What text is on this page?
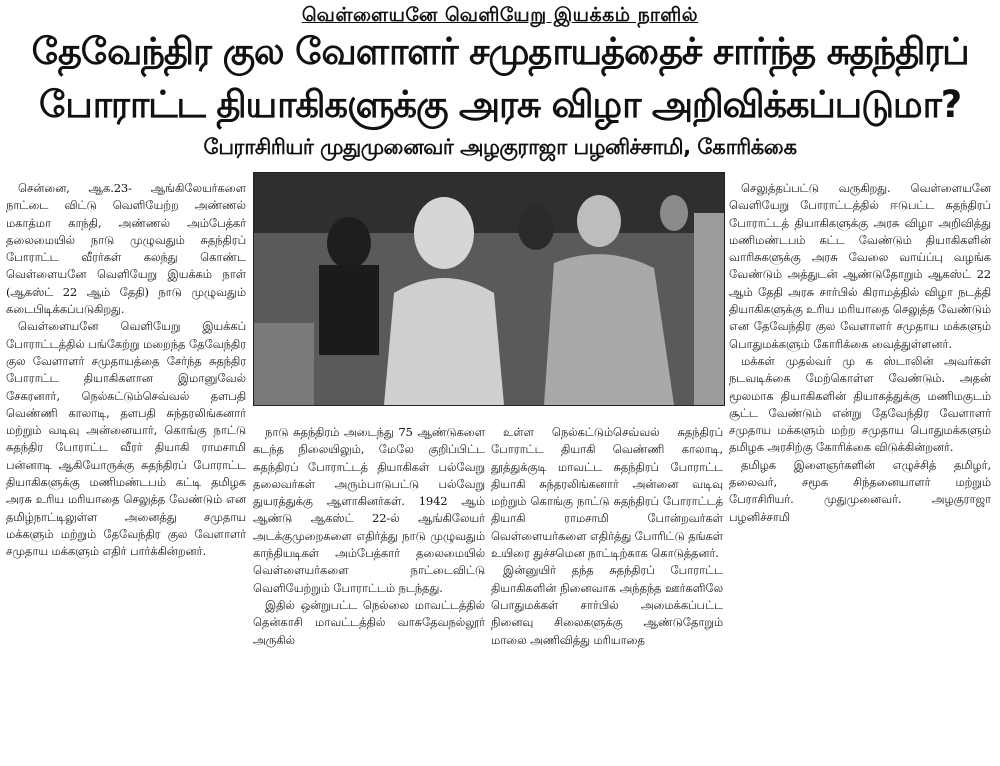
வெள்ளையனே வெளியேறு இயக்கம் நாளில்
தேவேந்திர குல வேளாளர் சமுதாயத்தைச் சார்ந்த சுதந்திரப்
போராட்ட தியாகிகளுக்கு அரசு விழா அறிவிக்கப்படுமா?
பேராசிரியர் முதுமுனைவர் அழகுராஜா பழனிச்சாமி, கோரிக்கை

சென்னை, ஆக.23- ஆங்கிலேயர்களை நாட்டை விட்டு வெளியேற்ற அண்ணல் மகாத்மா காந்தி, அண்ணல் அம்பேத்கர் தலைமையில் நாடு முழுவதும் சுதந்திரப் போராட்ட வீரர்கள் கலந்து கொண்ட வெள்ளையனே வெளியேறு இயக்கம் நாள் (ஆகஸ்ட் 22 ஆம் தேதி) நாடு முழுவதும் கடைபிடிக்கப்படுகிறது.

வெள்ளையனே வெளியேறு இயக்கப் போராட்டத்தில் பங்கேற்று மறைந்த தேவேந்திர குல வேளாளர் சமுதாயத்தை சேர்ந்த சுதந்திர போராட்ட தியாகிகளான இமானுவேல் சேகரனார், நெல்கட்டும்செவ்வல் தளபதி வெண்ணி காலாடி, தளபதி சுந்தரலிங்கனார் மற்றும் வடிவு அன்னையார், கொங்கு நாட்டு சுதந்திர போராட்ட வீரர் தியாகி ராமசாமி பன்னாடி ஆகியோருக்கு சுதந்திரப் போராட்ட தியாகிகளுக்கு மணிமண்டபம் கட்டி தமிழக அரசு உரிய மரியாதை செலுத்த வேண்டும் என தமிழ்நாட்டிலுள்ள அனைத்து சமுதாய மக்களும் மற்றும் தேவேந்திர குல வேளாளர் சமுதாய மக்களும் எதிர் பார்க்கின்றனர்.

நாடு சுதந்திரம் அடைந்து 75 ஆண்டுகளை கடந்த நிலையிலும், மேலே குறிப்பிட்ட சுதந்திரப் போராட்டத் தியாகிகள் பல்வேறு தலைவர்கள் அரும்பாடுபட்டு பல்வேறு துயரத்துக்கு ஆளாகினர்கள். 1942 ஆம் ஆண்டு ஆகஸ்ட் 22-ல் ஆங்கிலேயர் அடக்குமுறைகளை எதிர்த்து நாடு முழுவதும் காந்தியடிகள் அம்பேத்கார் தலைமையில் வெள்ளையர்களை நாட்டைவிட்டு வெளியேற்றும் போராட்டம் நடந்தது.

இதில் ஒன்றுபட்ட நெல்லை மாவட்டத்தில் தென்காசி மாவட்டத்தில் வாசுதேவநல்லூர் அருகில்

உள்ள நெல்கட்டும்செவ்வல் சுதந்திரப் போராட்ட தியாகி வெண்ணி காலாடி, தூத்துக்குடி மாவட்ட சுதந்திரப் போராட்ட தியாகி சுந்தரலிங்கனார் அன்னை வடிவு மற்றும் கொங்கு நாட்டு சுதந்திரப் போராட்டத் தியாகி ராமசாமி போன்றவர்கள் வெள்ளையர்களை எதிர்த்து போரிட்டு தங்கள் உயிரை துச்சமென நாட்டிற்காக கொடுத்தனர்.

இன்னுயிர் தந்த சுதந்திரப் போராட்ட தியாகிகளின் நினைவாக அந்தந்த ஊர்களிலே பொதுமக்கள் சார்பில் அமைக்கப்பட்ட நினைவு சிலைகளுக்கு ஆண்டுதோறும் மாலை அணிவித்து மரியாதை

செலுத்தப்பட்டு வருகிறது. வெள்ளையனே வெளியேறு போராட்டத்தில் ஈடுபட்ட சுதந்திரப் போராட்டத் தியாகிகளுக்கு அரசு விழா அறிவித்து மணிமண்டபம் கட்ட வேண்டும் தியாகிகளின் வாரிசுகளுக்கு அரசு வேலை வாய்ப்பு வழங்க வேண்டும் அத்துடன் ஆண்டுதோறும் ஆகஸ்ட் 22 ஆம் தேதி அரசு சார்பில் கிராமத்தில் விழா நடத்தி தியாகிகளுக்கு உரிய மரியாதை செலுத்த வேண்டும் என தேவேந்திர குல வேளாளர் சமுதாய மக்களும் பொதுமக்களும் கோரிக்கை வைத்துள்ளனர்.

மக்கள் முதல்வர் மு க ஸ்டாலின் அவர்கள் நடவடிக்கை மேற்கொள்ள வேண்டும். அதன் மூலமாக தியாகிகளின் தியாகத்துக்கு மணிமகுடம் சூட்ட வேண்டும் என்று தேவேந்திர வேளாளர் சமுதாய மக்களும் மற்ற சமுதாய பொதுமக்களும் தமிழக அரசிற்கு கோரிக்கை விடுக்கின்றனர்.

தமிழக இளைஞர்களின் எழுச்சித் தமிழர், தலைவர், சமூக சிந்தனையாளர் மற்றும் பேராசிரியர். முதுமுனைவர். அழகுராஜா பழனிச்சாமி
